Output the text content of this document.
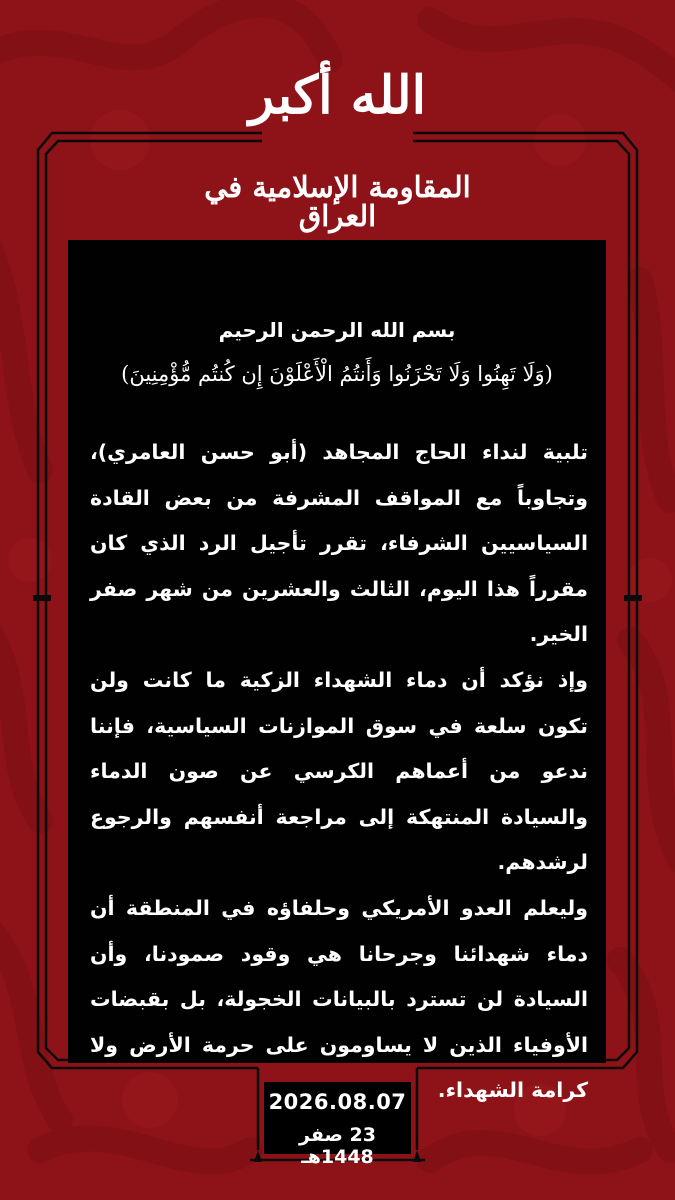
الله أكبر
المقاومة الإسلامية في العراق
بسم الله الرحمن الرحيم
(وَلَا تَهِنُوا وَلَا تَحْزَنُوا وَأَنتُمُ الْأَعْلَوْنَ إِن كُنتُم مُّؤْمِنِينَ)

تلبية لنداء الحاج المجاهد (أبو حسن العامري)، وتجاوباً مع المواقف المشرفة من بعض القادة السياسيين الشرفاء، تقرر تأجيل الرد الذي كان مقرراً هذا اليوم، الثالث والعشرين من شهر صفر الخير.

وإذ نؤكد أن دماء الشهداء الزكية ما كانت ولن تكون سلعة في سوق الموازنات السياسية، فإننا ندعو من أعماهم الكرسي عن صون الدماء والسيادة المنتهكة إلى مراجعة أنفسهم والرجوع لرشدهم.

وليعلم العدو الأمريكي وحلفاؤه في المنطقة أن دماء شهدائنا وجرحانا هي وقود صمودنا، وأن السيادة لن تسترد بالبيانات الخجولة، بل بقبضات الأوفياء الذين لا يساومون على حرمة الأرض ولا كرامة الشهداء.

2026.08.07
23 صفر 1448هـ
